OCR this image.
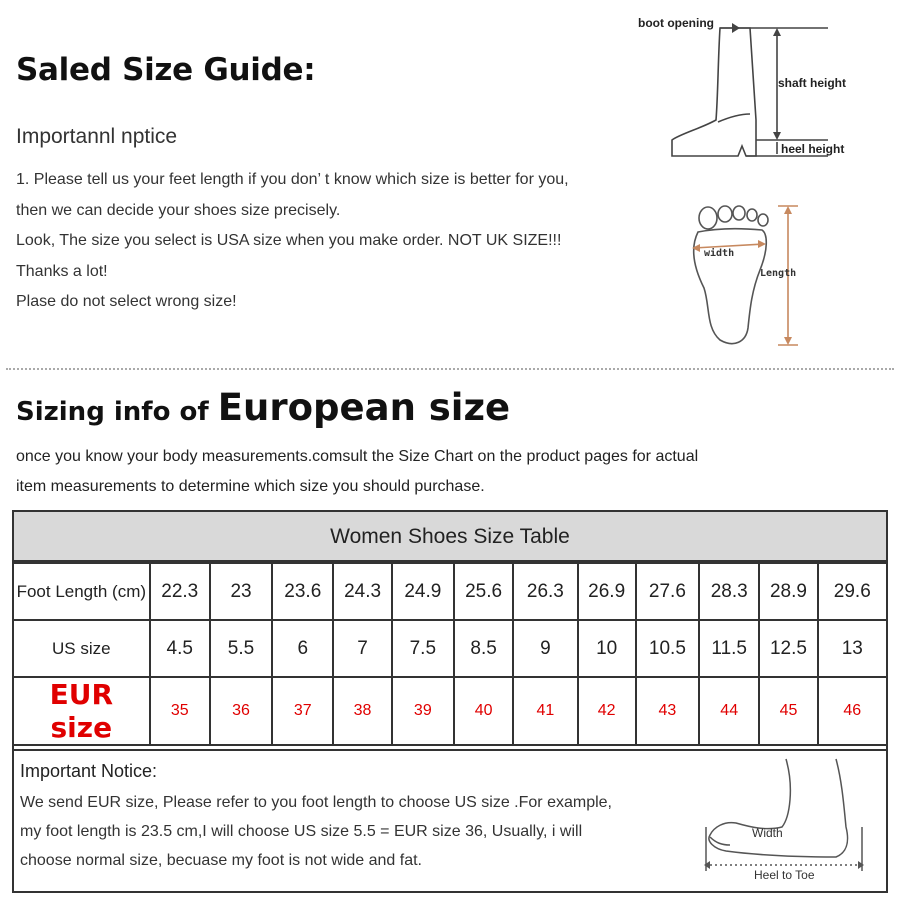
Saled Size Guide:
Importannl nptice
1. Please tell us your feet length if you don’ t know which size is better for you,
then we can decide your shoes size precisely.
Look, The size you select is USA size when you make order. NOT UK SIZE!!!
Thanks a lot!
Plase do not select wrong size!
boot opening
shaft height
heel height
width
Length
Sizing info of European size
once you know your body measurements.comsult the Size Chart on the product pages for actual
item measurements to determine which size you should purchase.
Women Shoes Size Table
Foot Length (cm)	22.3	23	23.6	24.3	24.9	25.6	26.3	26.9	27.6	28.3	28.9	29.6
US size	4.5	5.5	6	7	7.5	8.5	9	10	10.5	11.5	12.5	13
EUR size	35	36	37	38	39	40	41	42	43	44	45	46
Important Notice:
We send EUR size, Please refer to you foot length to choose US size .For example,
my foot length is 23.5 cm,I will choose US size 5.5 = EUR size 36, Usually, i will
choose normal size, becuase my foot is not wide and fat.
Width
Heel to Toe
